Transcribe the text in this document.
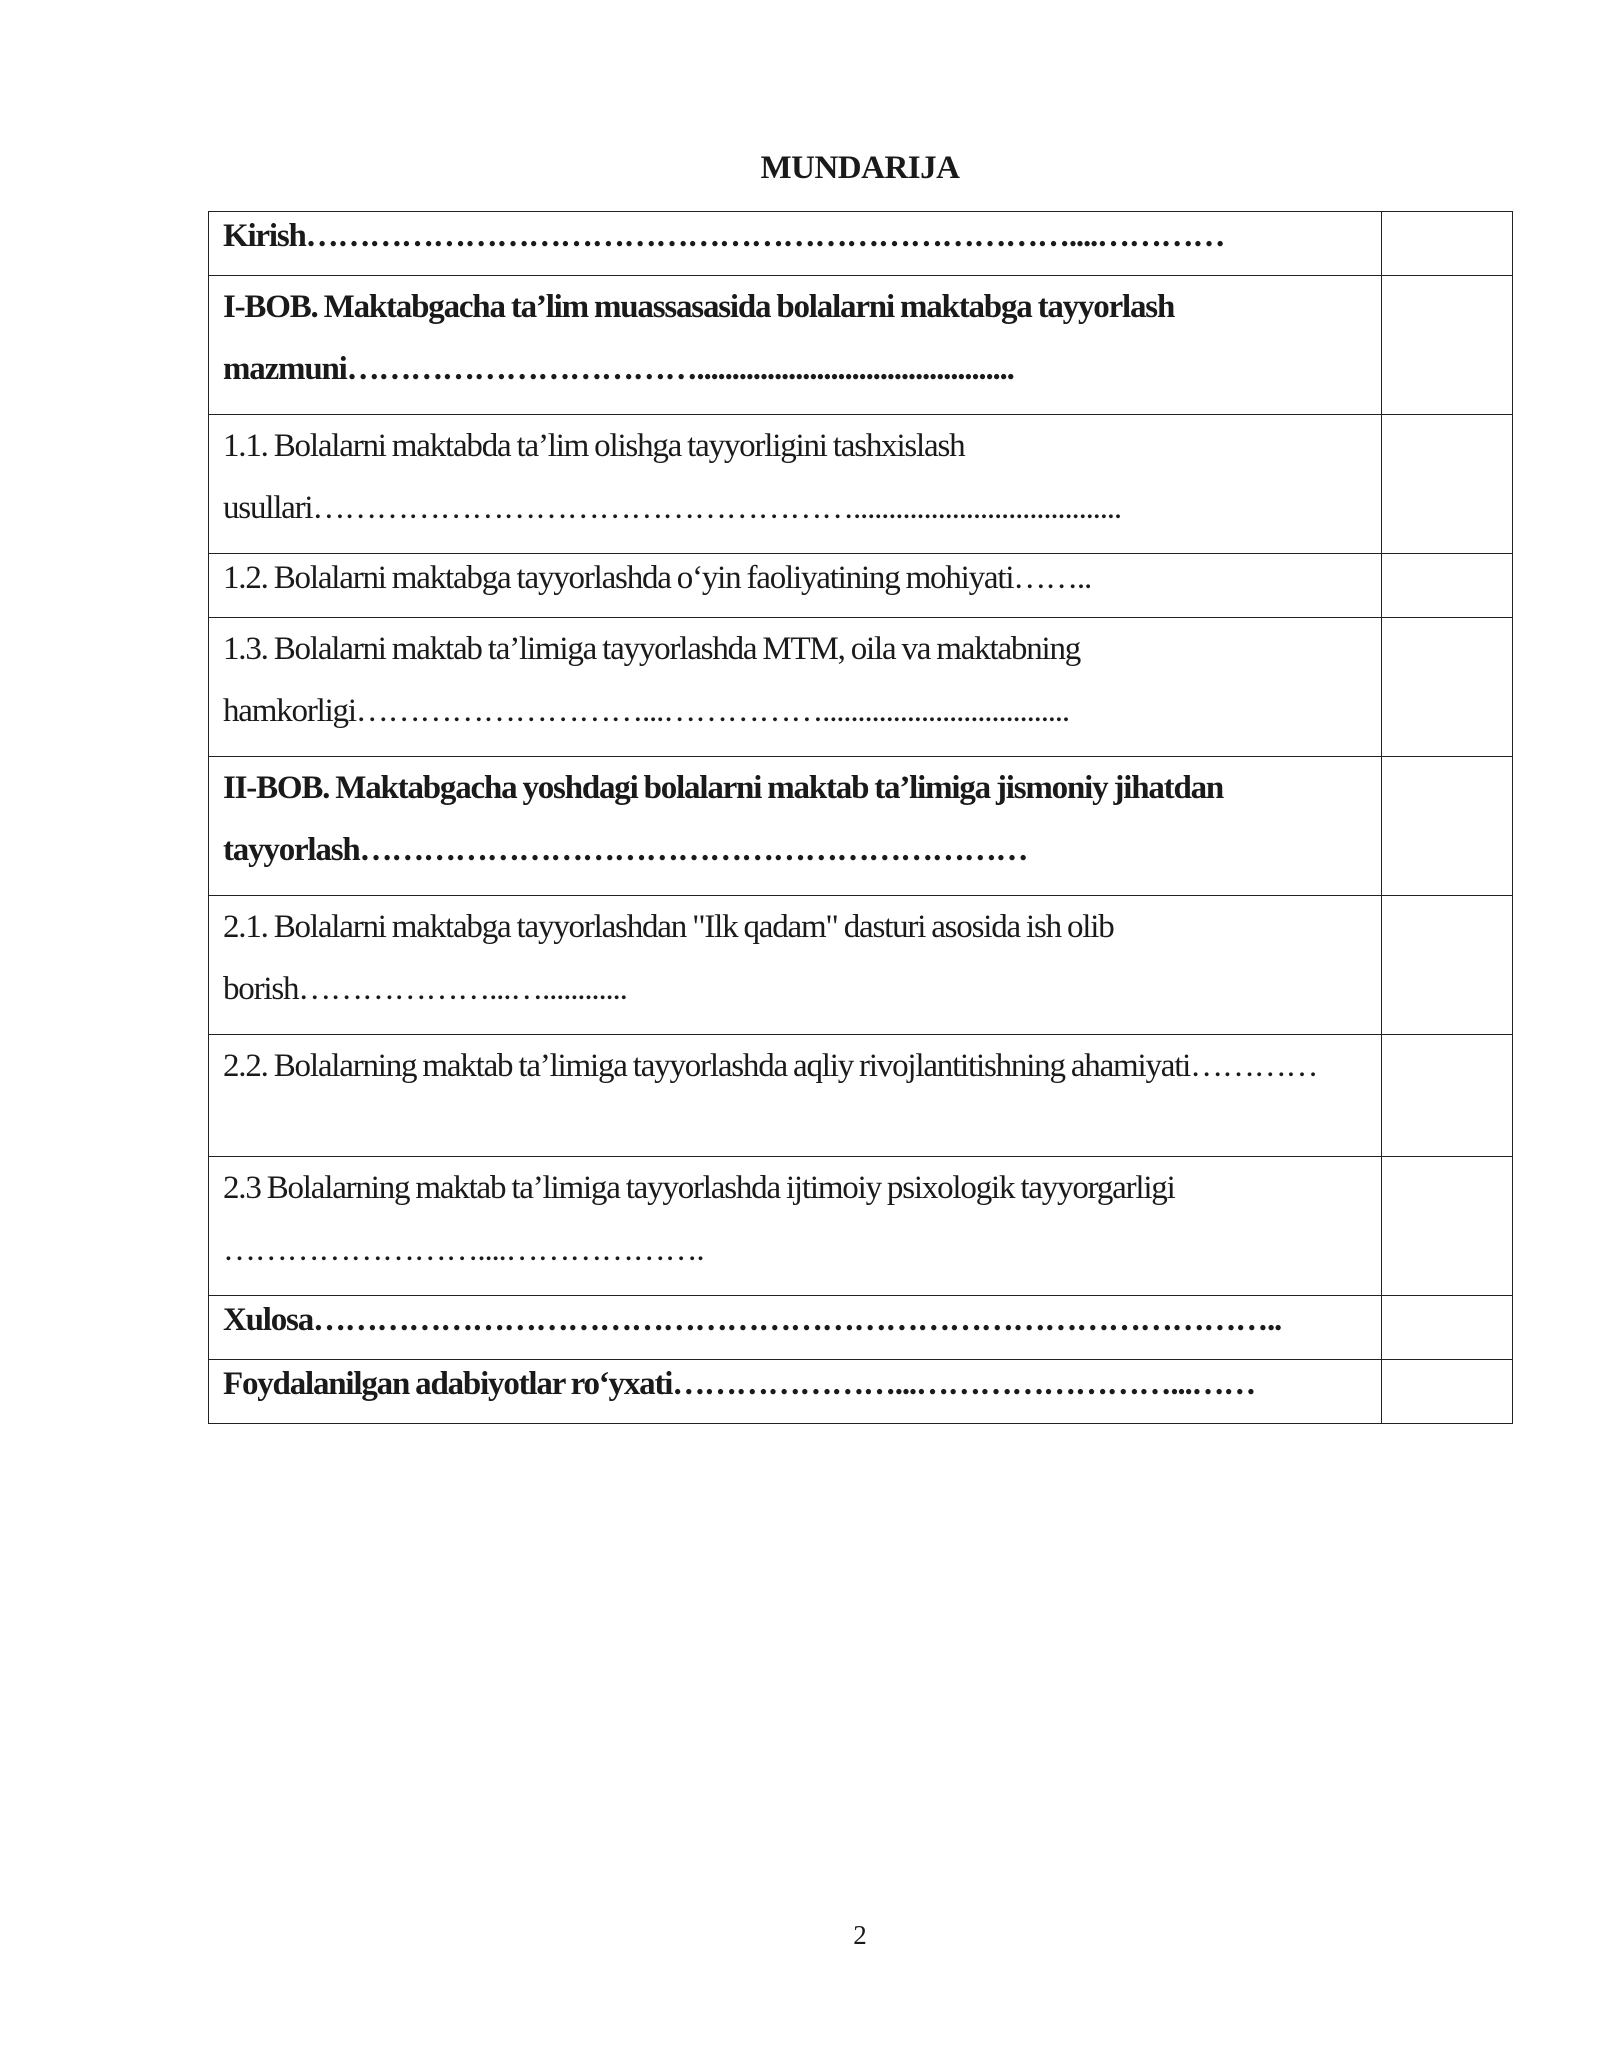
MUNDARIJA
Kirish………………………………………………………………....…………	
I-BOB. Maktabgacha ta’lim muassasasida bolalarni maktabga tayyorlash mazmuni…………………………….............................................	
1.1. Bolalarni maktabda ta’lim olishga tayyorligini tashxislash usullari……………………………………………......................................	
1.2. Bolalarni maktabga tayyorlashda o‘yin faoliyatining mohiyati……..	
1.3. Bolalarni maktab ta’limiga tayyorlashda MTM, oila va maktabning hamkorligi………………………...……………...................................	
II-BOB. Maktabgacha yoshdagi bolalarni maktab ta’limiga jismoniy jihatdan tayyorlash………………………………………………………	
2.1. Bolalarni maktabga tayyorlashdan "Ilk qadam" dasturi asosida ish olib borish………………...…............	
2.2. Bolalarning maktab ta’limiga tayyorlashda aqliy rivojlantitishning ahamiyati…………	
2.3 Bolalarning maktab ta’limiga tayyorlashda ijtimoiy psixologik tayyorgarligi ……………………....……………….	
Xulosa………………………………………………………………………………..	
Foydalanilgan adabiyotlar ro‘yxati…………………...……………………...……	
2
